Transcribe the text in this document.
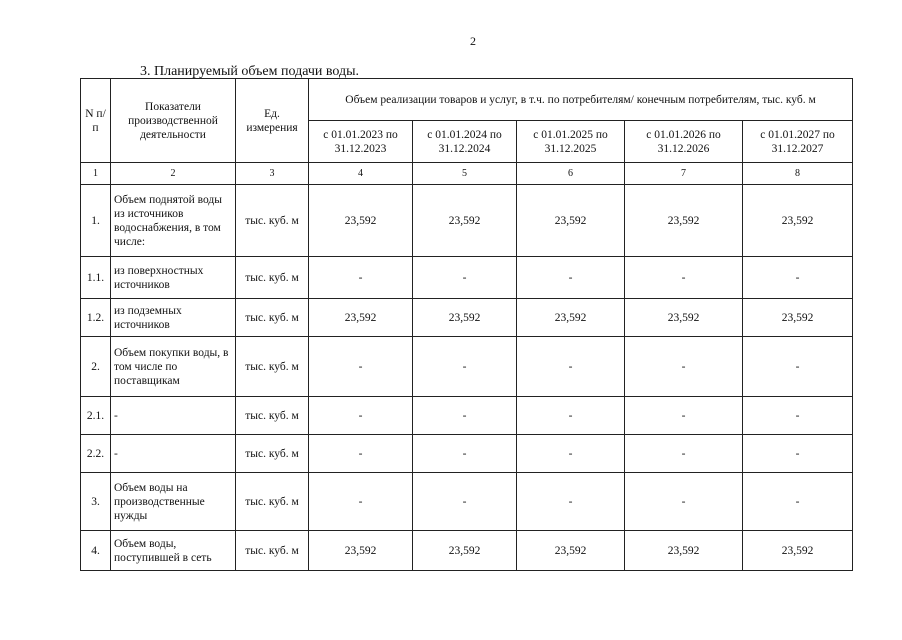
2
3. Планируемый объем подачи воды.
N п/п	Показатели производственной деятельности	Ед. измерения	Объем реализации товаров и услуг, в т.ч. по потребителям/ конечным потребителям, тыс. куб. м				
			с 01.01.2023 по 31.12.2023	с 01.01.2024 по 31.12.2024	с 01.01.2025 по 31.12.2025	с 01.01.2026 по 31.12.2026	с 01.01.2027 по 31.12.2027
1	2	3	4	5	6	7	8
1.	Объем поднятой воды из источников водоснабжения, в том числе:	тыс. куб. м	23,592	23,592	23,592	23,592	23,592
1.1.	из поверхностных источников	тыс. куб. м	-	-	-	-	-
1.2.	из подземных источников	тыс. куб. м	23,592	23,592	23,592	23,592	23,592
2.	Объем покупки воды, в том числе по поставщикам	тыс. куб. м	-	-	-	-	-
2.1.	-	тыс. куб. м	-	-	-	-	-
2.2.	-	тыс. куб. м	-	-	-	-	-
3.	Объем воды на производственные нужды	тыс. куб. м	-	-	-	-	-
4.	Объем воды, поступившей в сеть	тыс. куб. м	23,592	23,592	23,592	23,592	23,592
